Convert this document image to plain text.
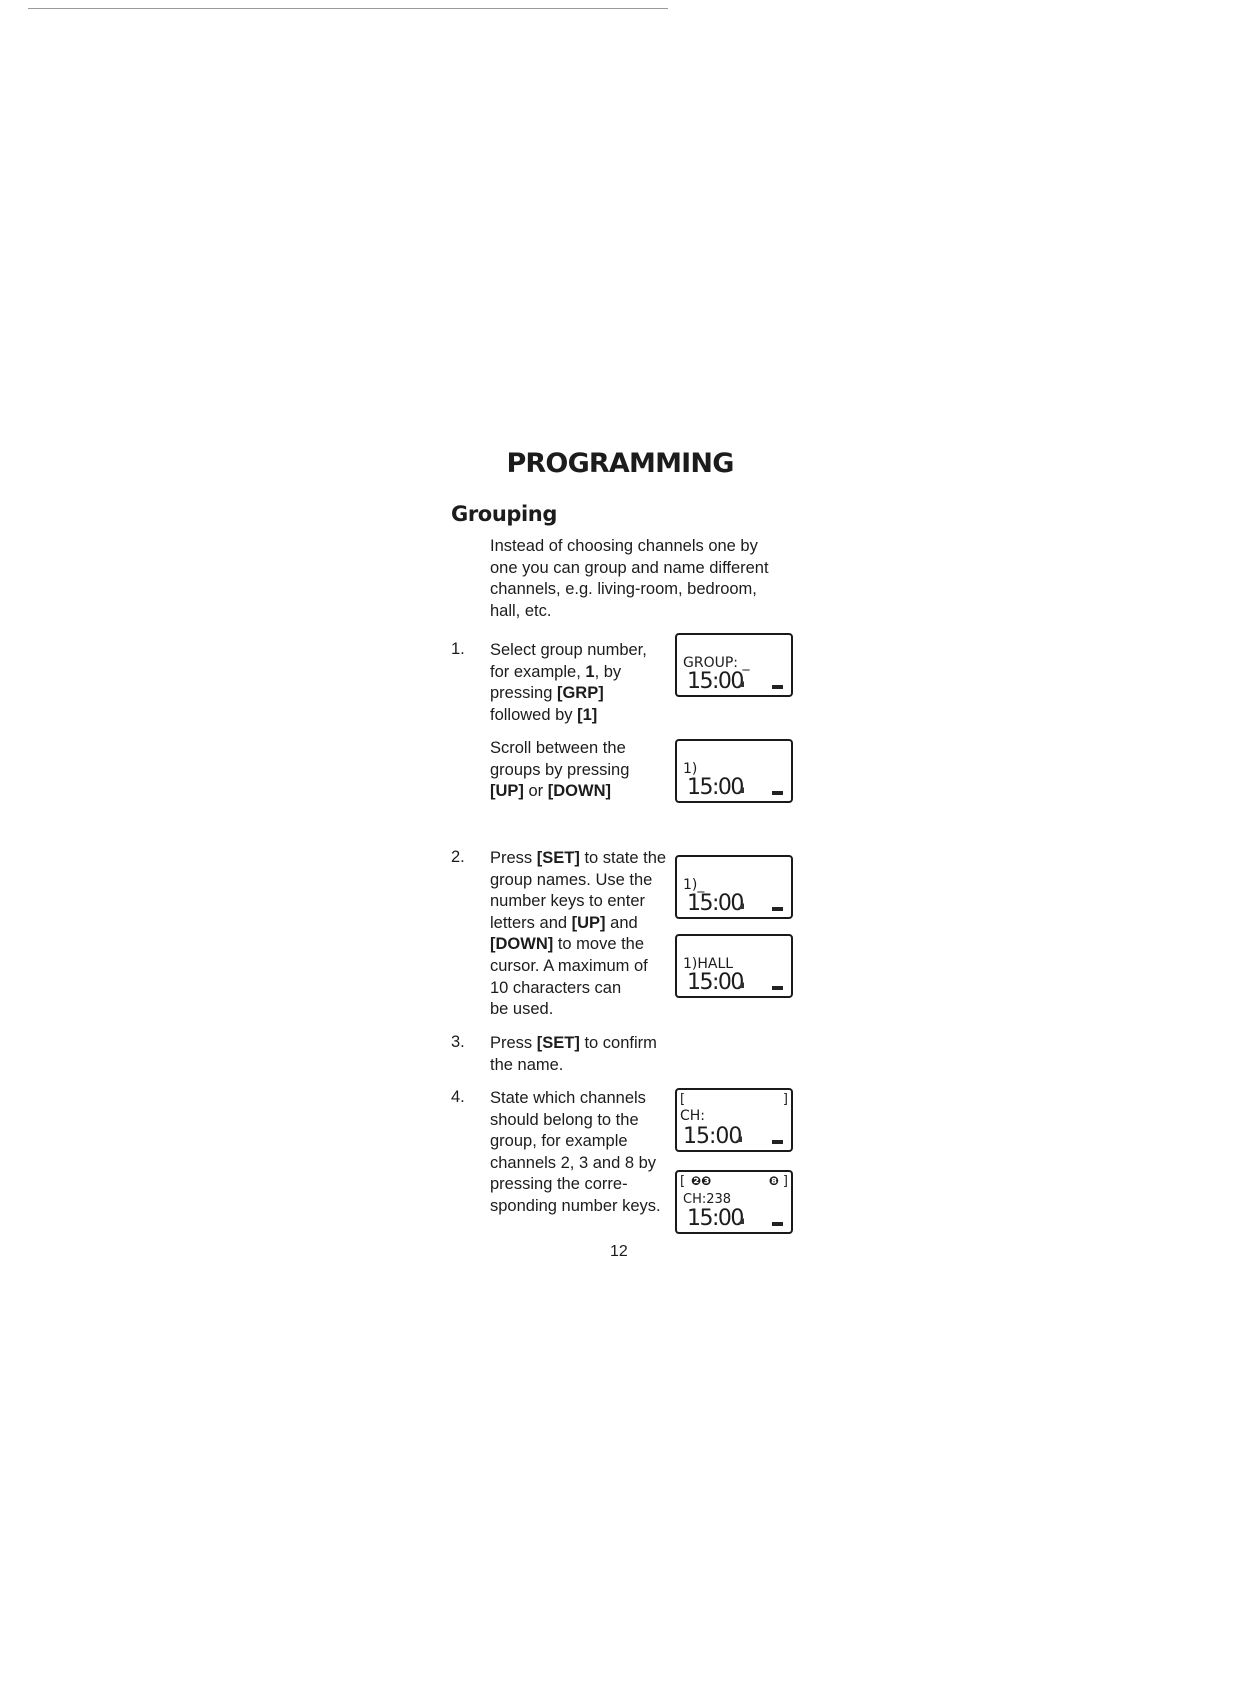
PROGRAMMING
Grouping
Instead of choosing channels one by
one you can group and name different
channels, e.g. living-room, bedroom,
hall, etc.
1. Select group number,
for example, 1, by
pressing [GRP]
followed by [1]
Scroll between the
groups by pressing
[UP] or [DOWN]
2. Press [SET] to state the
group names. Use the
number keys to enter
letters and [UP] and
[DOWN] to move the
cursor. A maximum of
10 characters can
be used.
3. Press [SET] to confirm
the name.
4. State which channels
should belong to the
group, for example
channels 2, 3 and 8 by
pressing the corre-
sponding number keys.
GROUP: _
15:00
1)
15:00
1)_
15:00
1)HALL
15:00
[	]
CH:
15:00
[	]
❷❸	❽
CH:238
15:00
12
